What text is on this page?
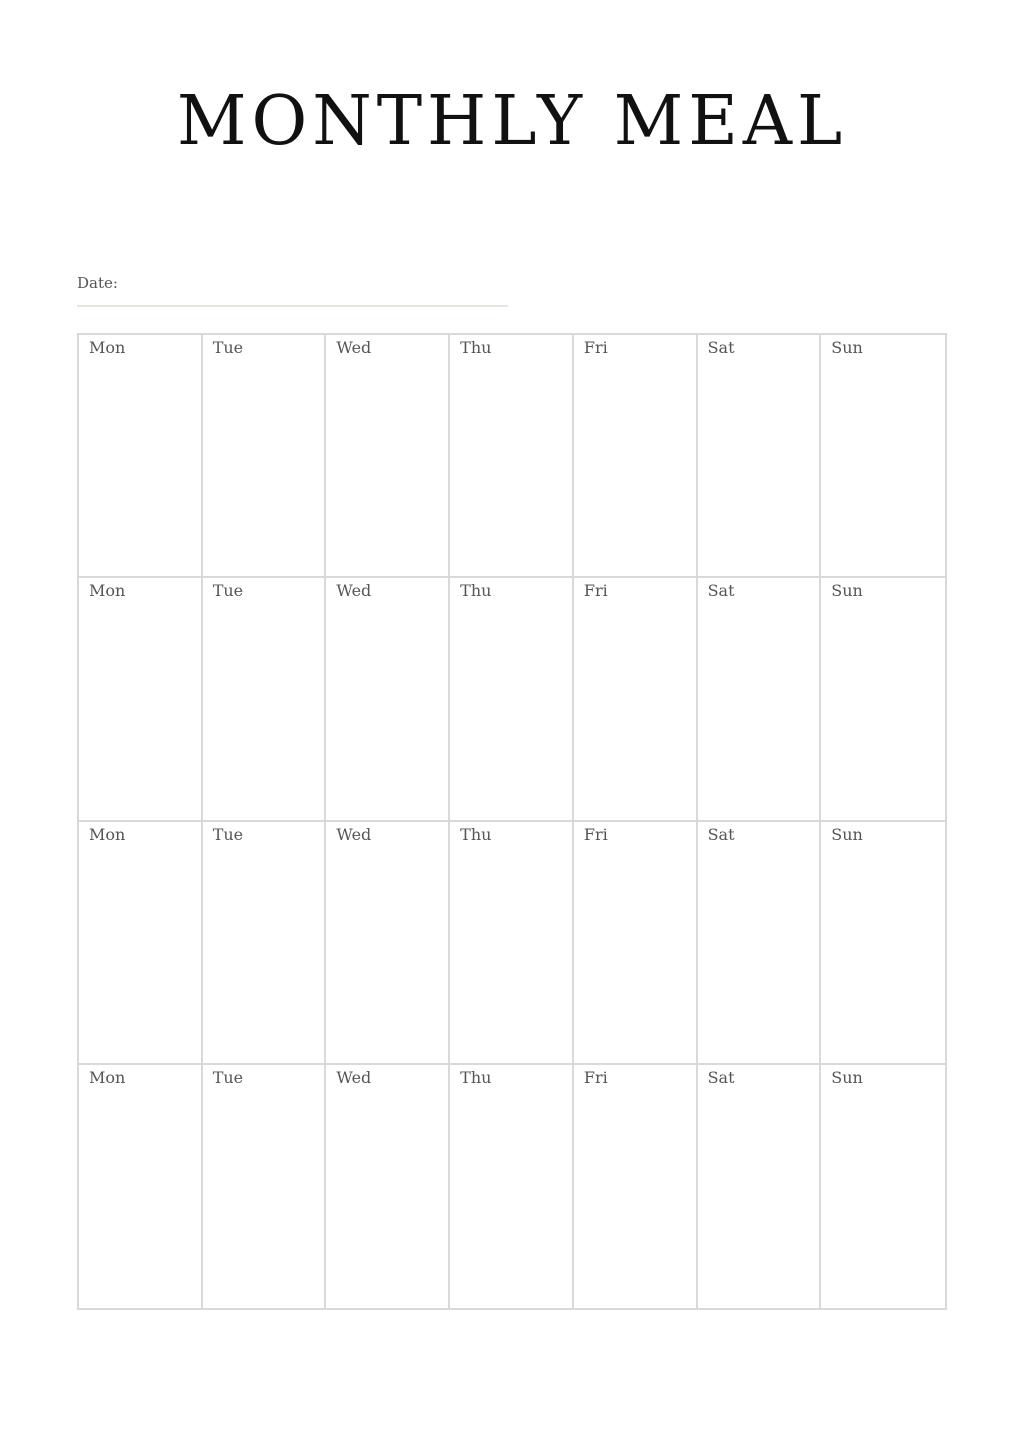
MONTHLY MEAL
Date:
Mon	Tue	Wed	Thu	Fri	Sat	Sun
Mon	Tue	Wed	Thu	Fri	Sat	Sun
Mon	Tue	Wed	Thu	Fri	Sat	Sun
Mon	Tue	Wed	Thu	Fri	Sat	Sun
